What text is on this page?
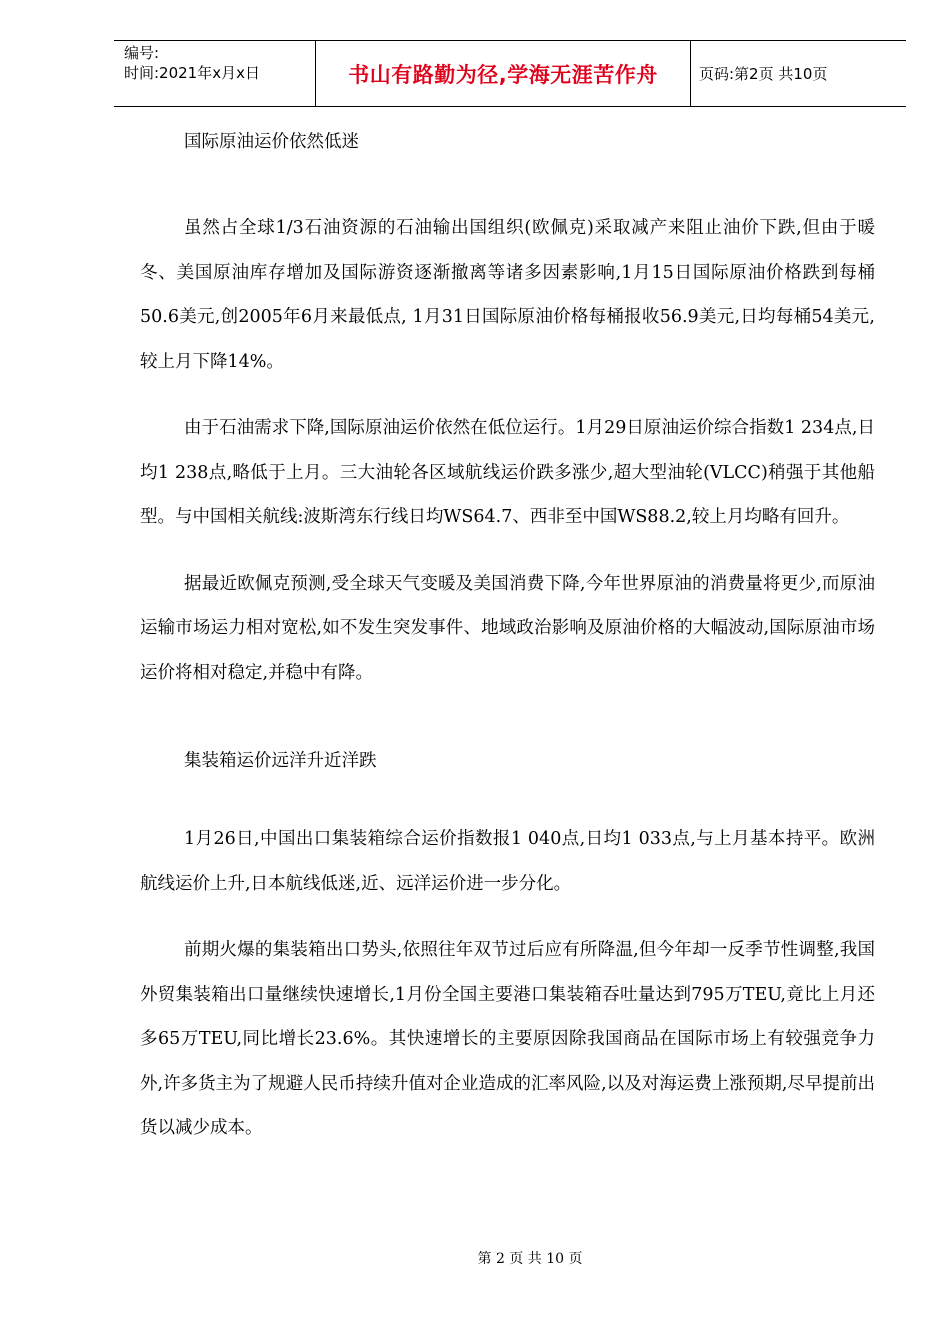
编号:
时间:2021年x月x日	书山有路勤为径,学海无涯苦作舟	页码:第2页 共10页

国际原油运价依然低迷

虽然占全球1/3石油资源的石油输出国组织(欧佩克)采取减产来阻止油价下跌,但由于暖冬、美国原油库存增加及国际游资逐渐撤离等诸多因素影响,1月15日国际原油价格跌到每桶50.6美元,创2005年6月来最低点, 1月31日国际原油价格每桶报收56.9美元,日均每桶54美元,较上月下降14%。

由于石油需求下降,国际原油运价依然在低位运行。1月29日原油运价综合指数1 234点,日均1 238点,略低于上月。三大油轮各区域航线运价跌多涨少,超大型油轮(VLCC)稍强于其他船型。与中国相关航线:波斯湾东行线日均WS64.7、西非至中国WS88.2,较上月均略有回升。

据最近欧佩克预测,受全球天气变暖及美国消费下降,今年世界原油的消费量将更少,而原油运输市场运力相对宽松,如不发生突发事件、地域政治影响及原油价格的大幅波动,国际原油市场运价将相对稳定,并稳中有降。

集装箱运价远洋升近洋跌

1月26日,中国出口集装箱综合运价指数报1 040点,日均1 033点,与上月基本持平。欧洲航线运价上升,日本航线低迷,近、远洋运价进一步分化。

前期火爆的集装箱出口势头,依照往年双节过后应有所降温,但今年却一反季节性调整,我国外贸集装箱出口量继续快速增长,1月份全国主要港口集装箱吞吐量达到795万TEU,竟比上月还多65万TEU,同比增长23.6%。其快速增长的主要原因除我国商品在国际市场上有较强竞争力外,许多货主为了规避人民币持续升值对企业造成的汇率风险,以及对海运费上涨预期,尽早提前出货以减少成本。

第 2 页 共 10 页
